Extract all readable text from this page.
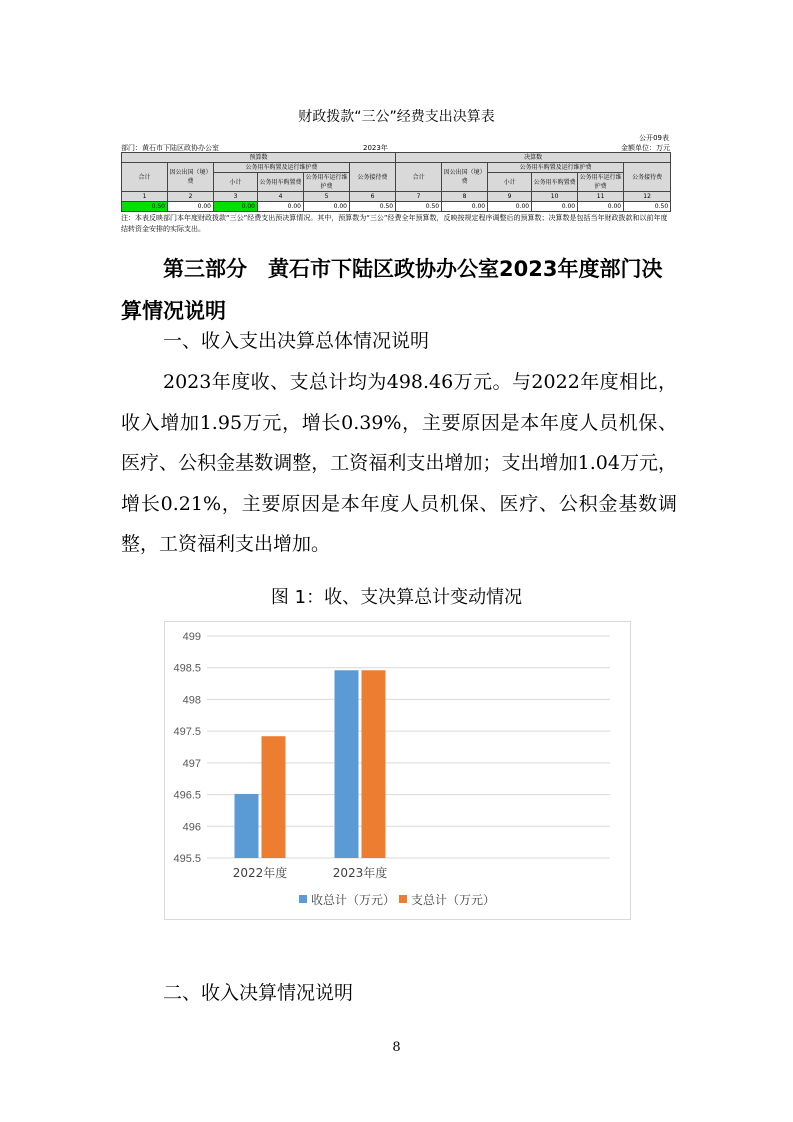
财政拨款“三公”经费支出决算表
公开09表
部门：黄石市下陆区政协办公室	2023年	金额单位：万元
预算数						决算数					
合计	因公出国（境）费	公务用车购置及运行维护费			公务接待费	合计	因公出国（境）费	公务用车购置及运行维护费			公务接待费
		小计	公务用车购置费	公务用车运行维护费				小计	公务用车购置费	公务用车运行维护费	
1	2	3	4	5	6	7	8	9	10	11	12
0.50	0.00	0.00	0.00	0.00	0.50	0.50	0.00	0.00	0.00	0.00	0.50
注：本表反映部门本年度财政拨款“三公”经费支出预决算情况。其中，预算数为“三公”经费全年预算数，反映按规定程序调整后的预算数；决算数是包括当年财政拨款和以前年度结转资金安排的实际支出。
第三部分　黄石市下陆区政协办公室2023年度部门决算情况说明
一、收入支出决算总体情况说明
2023年度收、支总计均为498.46万元。与2022年度相比，收入增加1.95万元，增长0.39%，主要原因是本年度人员机保、医疗、公积金基数调整，工资福利支出增加；支出增加1.04万元，增长0.21%，主要原因是本年度人员机保、医疗、公积金基数调整，工资福利支出增加。
图 1：收、支决算总计变动情况
495.5
496
496.5
497
497.5
498
498.5
499
2022年度	2023年度
收总计（万元） 支总计（万元）
二、收入决算情况说明
8
